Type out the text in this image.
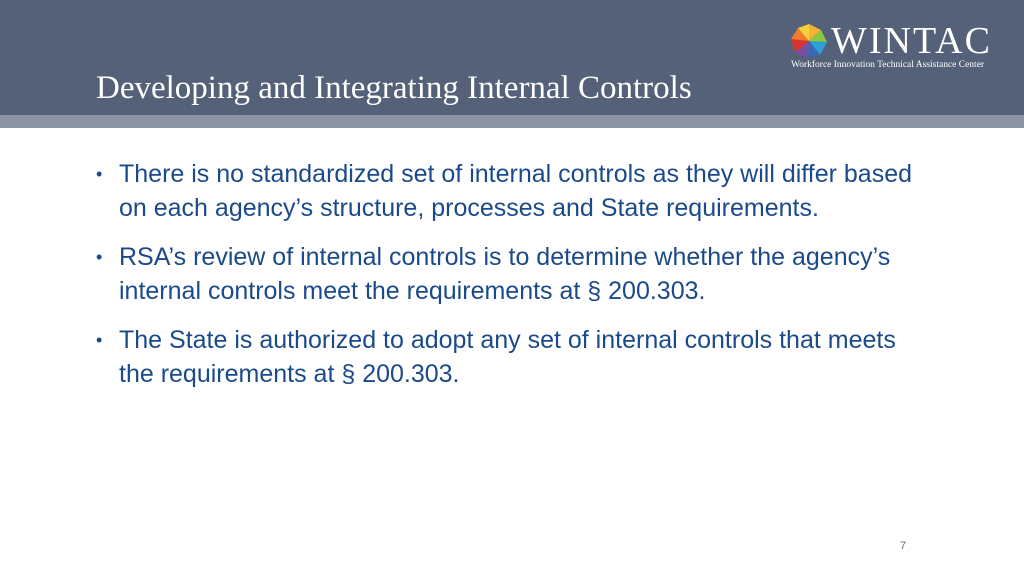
Developing and Integrating Internal Controls
WINTAC
Workforce Innovation Technical Assistance Center
• There is no standardized set of internal controls as they will differ based on each agency’s structure, processes and State requirements.
• RSA’s review of internal controls is to determine whether the agency’s internal controls meet the requirements at § 200.303.
• The State is authorized to adopt any set of internal controls that meets the requirements at § 200.303.
7
